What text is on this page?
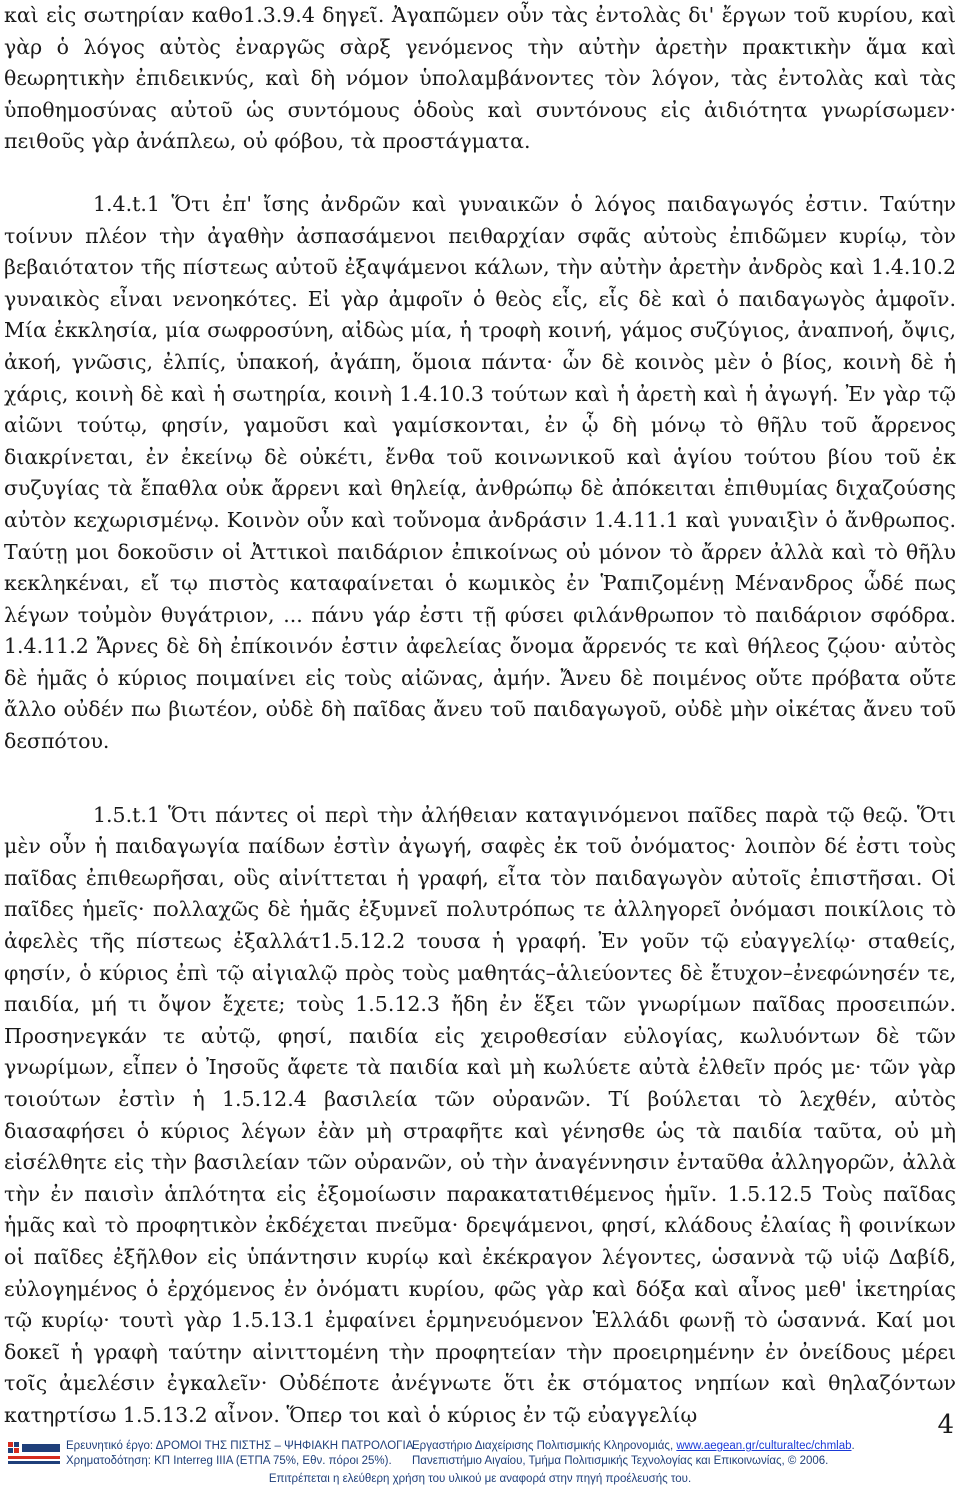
καὶ εἰς σωτηρίαν καθο1.3.9.4 δηγεῖ. Ἀγαπῶμεν οὖν τὰς ἐντολὰς δι' ἔργων τοῦ κυρίου, καὶ γὰρ ὁ λόγος αὐτὸς ἐναργῶς σὰρξ γενόμενος τὴν αὐτὴν ἀρετὴν πρακτικὴν ἅμα καὶ θεωρητικὴν ἐπιδεικνύς, καὶ δὴ νόμον ὑπολαμβάνοντες τὸν λόγον, τὰς ἐντολὰς καὶ τὰς ὑποθημοσύνας αὐτοῦ ὡς συντόμους ὁδοὺς καὶ συντόνους εἰς ἀιδιότητα γνωρίσωμεν· πειθοῦς γὰρ ἀνάπλεω, οὐ φόβου, τὰ προστάγματα.

1.4.t.1 Ὅτι ἐπ' ἴσης ἀνδρῶν καὶ γυναικῶν ὁ λόγος παιδαγωγός ἐστιν. Ταύτην τοίνυν πλέον τὴν ἀγαθὴν ἀσπασάμενοι πειθαρχίαν σφᾶς αὐτοὺς ἐπιδῶμεν κυρίῳ, τὸν βεβαιότατον τῆς πίστεως αὐτοῦ ἐξαψάμενοι κάλων, τὴν αὐτὴν ἀρετὴν ἀνδρὸς καὶ 1.4.10.2 γυναικὸς εἶναι νενοηκότες. Εἰ γὰρ ἀμφοῖν ὁ θεὸς εἷς, εἷς δὲ καὶ ὁ παιδαγωγὸς ἀμφοῖν. Μία ἐκκλησία, μία σωφροσύνη, αἰδὼς μία, ἡ τροφὴ κοινή, γάμος συζύγιος, ἀναπνοή, ὄψις, ἀκοή, γνῶσις, ἐλπίς, ὑπακοή, ἀγάπη, ὅμοια πάντα· ὧν δὲ κοινὸς μὲν ὁ βίος, κοινὴ δὲ ἡ χάρις, κοινὴ δὲ καὶ ἡ σωτηρία, κοινὴ 1.4.10.3 τούτων καὶ ἡ ἀρετὴ καὶ ἡ ἀγωγή. Ἐν γὰρ τῷ αἰῶνι τούτῳ, φησίν, γαμοῦσι καὶ γαμίσκονται, ἐν ᾧ δὴ μόνῳ τὸ θῆλυ τοῦ ἄρρενος διακρίνεται, ἐν ἐκείνῳ δὲ οὐκέτι, ἔνθα τοῦ κοινωνικοῦ καὶ ἁγίου τούτου βίου τοῦ ἐκ συζυγίας τὰ ἔπαθλα οὐκ ἄρρενι καὶ θηλείᾳ, ἀνθρώπῳ δὲ ἀπόκειται ἐπιθυμίας διχαζούσης αὐτὸν κεχωρισμένῳ. Κοινὸν οὖν καὶ τοὔνομα ἀνδράσιν 1.4.11.1 καὶ γυναιξὶν ὁ ἄνθρωπος. Ταύτῃ μοι δοκοῦσιν οἱ Ἀττικοὶ παιδάριον ἐπικοίνως οὐ μόνον τὸ ἄρρεν ἀλλὰ καὶ τὸ θῆλυ κεκληκέναι, εἴ τῳ πιστὸς καταφαίνεται ὁ κωμικὸς ἐν Ῥαπιζομένῃ Μένανδρος ὧδέ πως λέγων τοὐμὸν θυγάτριον, ... πάνυ γάρ ἐστι τῇ φύσει φιλάνθρωπον τὸ παιδάριον σφόδρα. 1.4.11.2 Ἄρνες δὲ δὴ ἐπίκοινόν ἐστιν ἀφελείας ὄνομα ἄρρενός τε καὶ θήλεος ζῴου· αὐτὸς δὲ ἡμᾶς ὁ κύριος ποιμαίνει εἰς τοὺς αἰῶνας, ἀμήν. Ἄνευ δὲ ποιμένος οὔτε πρόβατα οὔτε ἄλλο οὐδέν πω βιωτέον, οὐδὲ δὴ παῖδας ἄνευ τοῦ παιδαγωγοῦ, οὐδὲ μὴν οἰκέτας ἄνευ τοῦ δεσπότου.

1.5.t.1 Ὅτι πάντες οἱ περὶ τὴν ἀλήθειαν καταγινόμενοι παῖδες παρὰ τῷ θεῷ. Ὅτι μὲν οὖν ἡ παιδαγωγία παίδων ἐστὶν ἀγωγή, σαφὲς ἐκ τοῦ ὀνόματος· λοιπὸν δέ ἐστι τοὺς παῖδας ἐπιθεωρῆσαι, οὓς αἰνίττεται ἡ γραφή, εἶτα τὸν παιδαγωγὸν αὐτοῖς ἐπιστῆσαι. Οἱ παῖδες ἡμεῖς· πολλαχῶς δὲ ἡμᾶς ἐξυμνεῖ πολυτρόπως τε ἀλληγορεῖ ὀνόμασι ποικίλοις τὸ ἀφελὲς τῆς πίστεως ἐξαλλάτ1.5.12.2 τουσα ἡ γραφή. Ἐν γοῦν τῷ εὐαγγελίῳ· σταθείς, φησίν, ὁ κύριος ἐπὶ τῷ αἰγιαλῷ πρὸς τοὺς μαθητάς–ἁλιεύοντες δὲ ἔτυχον–ἐνεφώνησέν τε, παιδία, μή τι ὄψον ἔχετε; τοὺς 1.5.12.3 ἤδη ἐν ἕξει τῶν γνωρίμων παῖδας προσειπών. Προσηνεγκάν τε αὐτῷ, φησί, παιδία εἰς χειροθεσίαν εὐλογίας, κωλυόντων δὲ τῶν γνωρίμων, εἶπεν ὁ Ἰησοῦς ἄφετε τὰ παιδία καὶ μὴ κωλύετε αὐτὰ ἐλθεῖν πρός με· τῶν γὰρ τοιούτων ἐστὶν ἡ 1.5.12.4 βασιλεία τῶν οὐρανῶν. Τί βούλεται τὸ λεχθέν, αὐτὸς διασαφήσει ὁ κύριος λέγων ἐὰν μὴ στραφῆτε καὶ γένησθε ὡς τὰ παιδία ταῦτα, οὐ μὴ εἰσέλθητε εἰς τὴν βασιλείαν τῶν οὐρανῶν, οὐ τὴν ἀναγέννησιν ἐνταῦθα ἀλληγορῶν, ἀλλὰ τὴν ἐν παισὶν ἁπλότητα εἰς ἐξομοίωσιν παρακατατιθέμενος ἡμῖν. 1.5.12.5 Τοὺς παῖδας ἡμᾶς καὶ τὸ προφητικὸν ἐκδέχεται πνεῦμα· δρεψάμενοι, φησί, κλάδους ἐλαίας ἢ φοινίκων οἱ παῖδες ἐξῆλθον εἰς ὑπάντησιν κυρίῳ καὶ ἐκέκραγον λέγοντες, ὡσαννὰ τῷ υἱῷ Δαβίδ, εὐλογημένος ὁ ἐρχόμενος ἐν ὀνόματι κυρίου, φῶς γὰρ καὶ δόξα καὶ αἶνος μεθ' ἱκετηρίας τῷ κυρίῳ· τουτὶ γὰρ 1.5.13.1 ἐμφαίνει ἑρμηνευόμενον Ἑλλάδι φωνῇ τὸ ὡσαννά. Καί μοι δοκεῖ ἡ γραφὴ ταύτην αἰνιττομένη τὴν προφητείαν τὴν προειρημένην ἐν ὀνείδους μέρει τοῖς ἀμελέσιν ἐγκαλεῖν· Οὐδέποτε ἀνέγνωτε ὅτι ἐκ στόματος νηπίων καὶ θηλαζόντων κατηρτίσω 1.5.13.2 αἶνον. Ὅπερ τοι καὶ ὁ κύριος ἐν τῷ εὐαγγελίῳ	4
Ερευνητικό έργο: ΔΡΟΜΟΙ ΤΗΣ ΠΙΣΤΗΣ – ΨΗΦΙΑΚΗ ΠΑΤΡΟΛΟΓΙΑ.
Χρηματοδότηση: ΚΠ Interreg IIIA (ΕΤΠΑ 75%, Εθν. πόροι 25%).
Εργαστήριο Διαχείρισης Πολιτισμικής Κληρονομιάς, www.aegean.gr/culturaltec/chmlab.
Πανεπιστήμιο Αιγαίου, Τμήμα Πολιτισμικής Τεχνολογίας και Επικοινωνίας, © 2006.
Επιτρέπεται η ελεύθερη χρήση του υλικού με αναφορά στην πηγή προέλευσής του.
